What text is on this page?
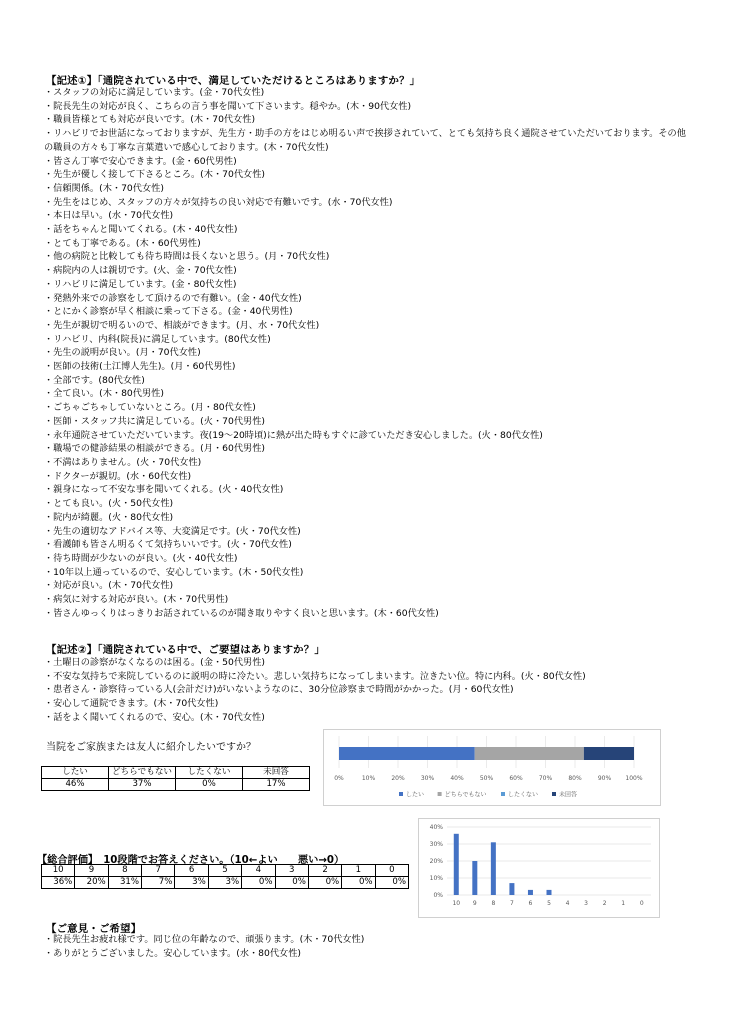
【記述①】「通院されている中で、満足していただけるところはありますか？」
・スタッフの対応に満足しています。(金・70代女性)
・院長先生の対応が良く、こちらの言う事を聞いて下さいます。穏やか。(木・90代女性)
・職員皆様とても対応が良いです。(木・70代女性)
・リハビリでお世話になっておりますが、先生方・助手の方をはじめ明るい声で挨拶されていて、とても気持ち良く通院させていただいております。その他の職員の方々も丁寧な言葉遣いで感心しております。(木・70代女性)
・皆さん丁寧で安心できます。(金・60代男性)
・先生が優しく接して下さるところ。(木・70代女性)
・信頼関係。(木・70代女性)
・先生をはじめ、スタッフの方々が気持ちの良い対応で有難いです。(水・70代女性)
・本日は早い。(水・70代女性)
・話をちゃんと聞いてくれる。(木・40代女性)
・とても丁寧である。(木・60代男性)
・他の病院と比較しても待ち時間は長くないと思う。(月・70代女性)
・病院内の人は親切です。(火、金・70代女性)
・リハビリに満足しています。(金・80代女性)
・発熱外来での診察をして頂けるので有難い。(金・40代女性)
・とにかく診察が早く相談に乗って下さる。(金・40代男性)
・先生が親切で明るいので、相談ができます。(月、水・70代女性)
・リハビリ、内科(院長)に満足しています。(80代女性)
・先生の説明が良い。(月・70代女性)
・医師の技術(土江博人先生)。(月・60代男性)
・全部です。(80代女性)
・全て良い。(木・80代男性)
・ごちゃごちゃしていないところ。(月・80代女性)
・医師・スタッフ共に満足している。(火・70代男性)
・永年通院させていただいています。夜(19～20時頃)に熱が出た時もすぐに診ていただき安心しました。(火・80代女性)
・職場での健診結果の相談ができる。(月・60代男性)
・不満はありません。(火・70代女性)
・ドクターが親切。(水・60代女性)
・親身になって不安な事を聞いてくれる。(火・40代女性)
・とても良い。(火・50代女性)
・院内が綺麗。(火・80代女性)
・先生の適切なアドバイス等、大変満足です。(火・70代女性)
・看護師も皆さん明るくて気持ちいいです。(火・70代女性)
・待ち時間が少ないのが良い。(火・40代女性)
・10年以上通っているので、安心しています。(木・50代女性)
・対応が良い。(木・70代女性)
・病気に対する対応が良い。(木・70代男性)
・皆さんゆっくりはっきりお話されているのが聞き取りやすく良いと思います。(木・60代女性)
【記述②】「通院されている中で、ご要望はありますか？」
・土曜日の診察がなくなるのは困る。(金・50代男性)
・不安な気持ちで来院しているのに説明の時に冷たい。悲しい気持ちになってしまいます。泣きたい位。特に内科。(火・80代女性)
・患者さん・診察待っている人(会計だけ)がいないようなのに、30分位診察まで時間がかかった。(月・60代女性)
・安心して通院できます。(木・70代女性)
・話をよく聞いてくれるので、安心。(木・70代女性)
当院をご家族または友人に紹介したいですか？
したい	どちらでもない	したくない	未回答
46%	37%	0%	17%
0%	10%	20%	30%	40%	50%	60%	70%	80%	90% 100%
したい	どちらでもない	したくない	未回答
0%
10%
20%
30%
40%
10 9 8 7 6 5 4 3 2 1 0
【総合評価】　10段階でお答えください。（10←よい　　悪い→0）
10	9	8	7	6	5	4	3	2	1	0
36%	20%	31%	7%	3%	3%	0%	0%	0%	0%	0%
【ご意見・ご希望】
・院長先生お疲れ様です。同じ位の年齢なので、頑張ります。(木・70代女性)
・ありがとうございました。安心しています。(水・80代女性)
